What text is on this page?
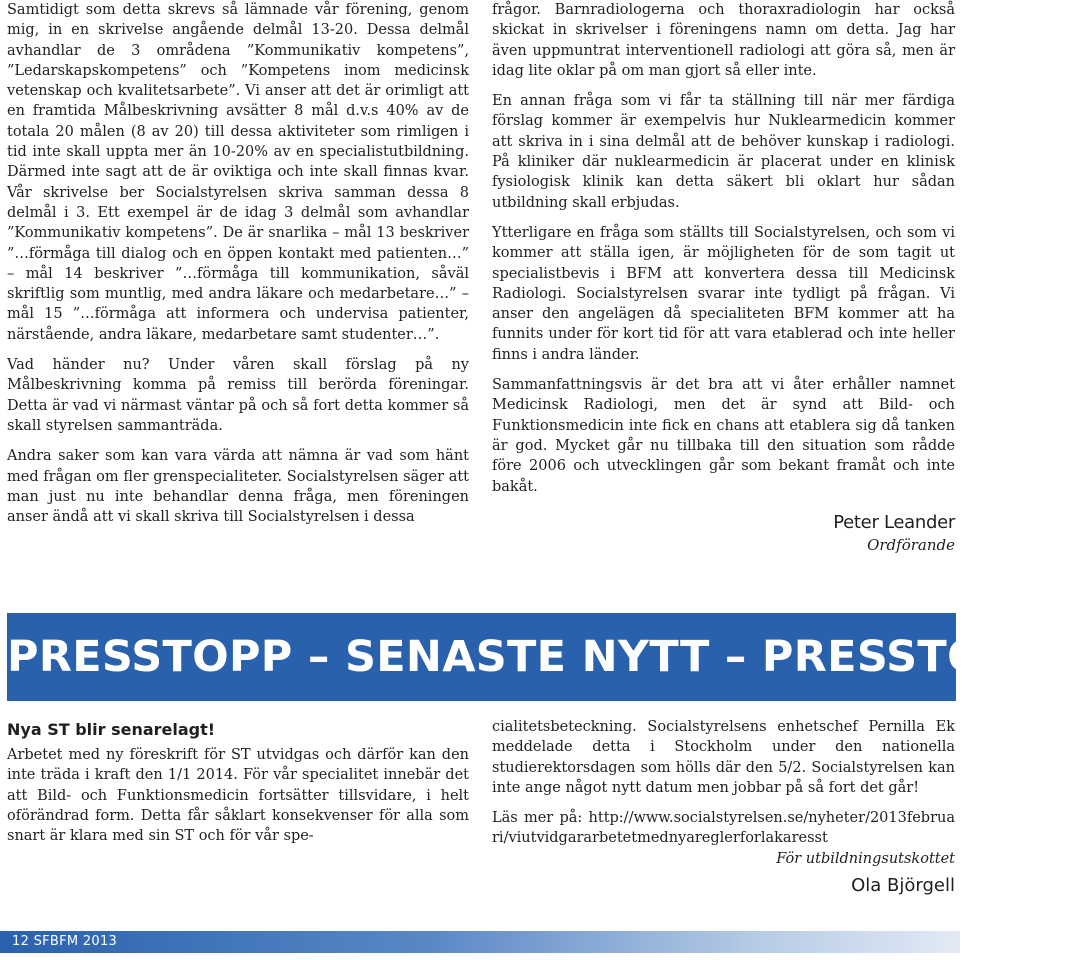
Samtidigt som detta skrevs så lämnade vår förening, genom mig, in en skrivelse angående delmål 13-20. Dessa delmål avhandlar de 3 områdena ”Kommunikativ kompetens”, ”Ledarskapskompetens” och ”Kompetens inom medicinsk vetenskap och kvalitetsarbete”. Vi anser att det är orimligt att en framtida Målbeskrivning avsätter 8 mål d.v.s 40% av de totala 20 målen (8 av 20) till dessa aktiviteter som rimligen i tid inte skall uppta mer än 10-20% av en specialistutbildning. Därmed inte sagt att de är oviktiga och inte skall finnas kvar. Vår skrivelse ber Socialstyrelsen skriva samman dessa 8 delmål i 3. Ett exempel är de idag 3 delmål som avhandlar ”Kommunikativ kompetens”. De är snarlika – mål 13 beskriver ”…förmåga till dialog och en öppen kontakt med patienten…” – mål 14 beskriver ”…förmåga till kommunikation, såväl skriftlig som muntlig, med andra läkare och medarbetare…” – mål 15 ”…förmåga att informera och undervisa patienter, närstående, andra läkare, medarbetare samt studenter…”.

Vad händer nu? Under våren skall förslag på ny Målbeskrivning komma på remiss till berörda föreningar. Detta är vad vi närmast väntar på och så fort detta kommer så skall styrelsen sammanträda.

Andra saker som kan vara värda att nämna är vad som hänt med frågan om fler grenspecialiteter. Socialstyrelsen säger att man just nu inte behandlar denna fråga, men föreningen anser ändå att vi skall skriva till Socialstyrelsen i dessa

frågor. Barnradiologerna och thoraxradiologin har också skickat in skrivelser i föreningens namn om detta. Jag har även uppmuntrat interventionell radiologi att göra så, men är idag lite oklar på om man gjort så eller inte.

En annan fråga som vi får ta ställning till när mer färdiga förslag kommer är exempelvis hur Nuklearmedicin kommer att skriva in i sina delmål att de behöver kunskap i radiologi. På kliniker där nuklearmedicin är placerat under en klinisk fysiologisk klinik kan detta säkert bli oklart hur sådan utbildning skall erbjudas.

Ytterligare en fråga som ställts till Socialstyrelsen, och som vi kommer att ställa igen, är möjligheten för de som tagit ut specialistbevis i BFM att konvertera dessa till Medicinsk Radiologi. Socialstyrelsen svarar inte tydligt på frågan. Vi anser den angelägen då specialiteten BFM kommer att ha funnits under för kort tid för att vara etablerad och inte heller finns i andra länder.

Sammanfattningsvis är det bra att vi åter erhåller namnet Medicinsk Radiologi, men det är synd att Bild- och Funktionsmedicin inte fick en chans att etablera sig då tanken är god. Mycket går nu tillbaka till den situation som rådde före 2006 och utvecklingen går som bekant framåt och inte bakåt.

Peter Leander

Ordförande

PRESSTOPP – SENASTE NYTT – PRESSTOPP!!
Nya ST blir senarelagt!

Arbetet med ny föreskrift för ST utvidgas och därför kan den inte träda i kraft den 1/1 2014. För vår specialitet innebär det att Bild- och Funktionsmedicin fortsätter tillsvidare, i helt oförändrad form. Detta får såklart konsekvenser för alla som snart är klara med sin ST och för vår spe-

cialitetsbeteckning. Socialstyrelsens enhetschef Pernilla Ek meddelade detta i Stockholm under den nationella studierektorsdagen som hölls där den 5/2. Socialstyrelsen kan inte ange något nytt datum men jobbar på så fort det går!

Läs mer på: http://www.socialstyrelsen.se/nyheter/2013februari/viutvidgararbetetmednyareglerforlakaresst

För utbildningsutskottet

Ola Björgell

12 SFBFM 2013
